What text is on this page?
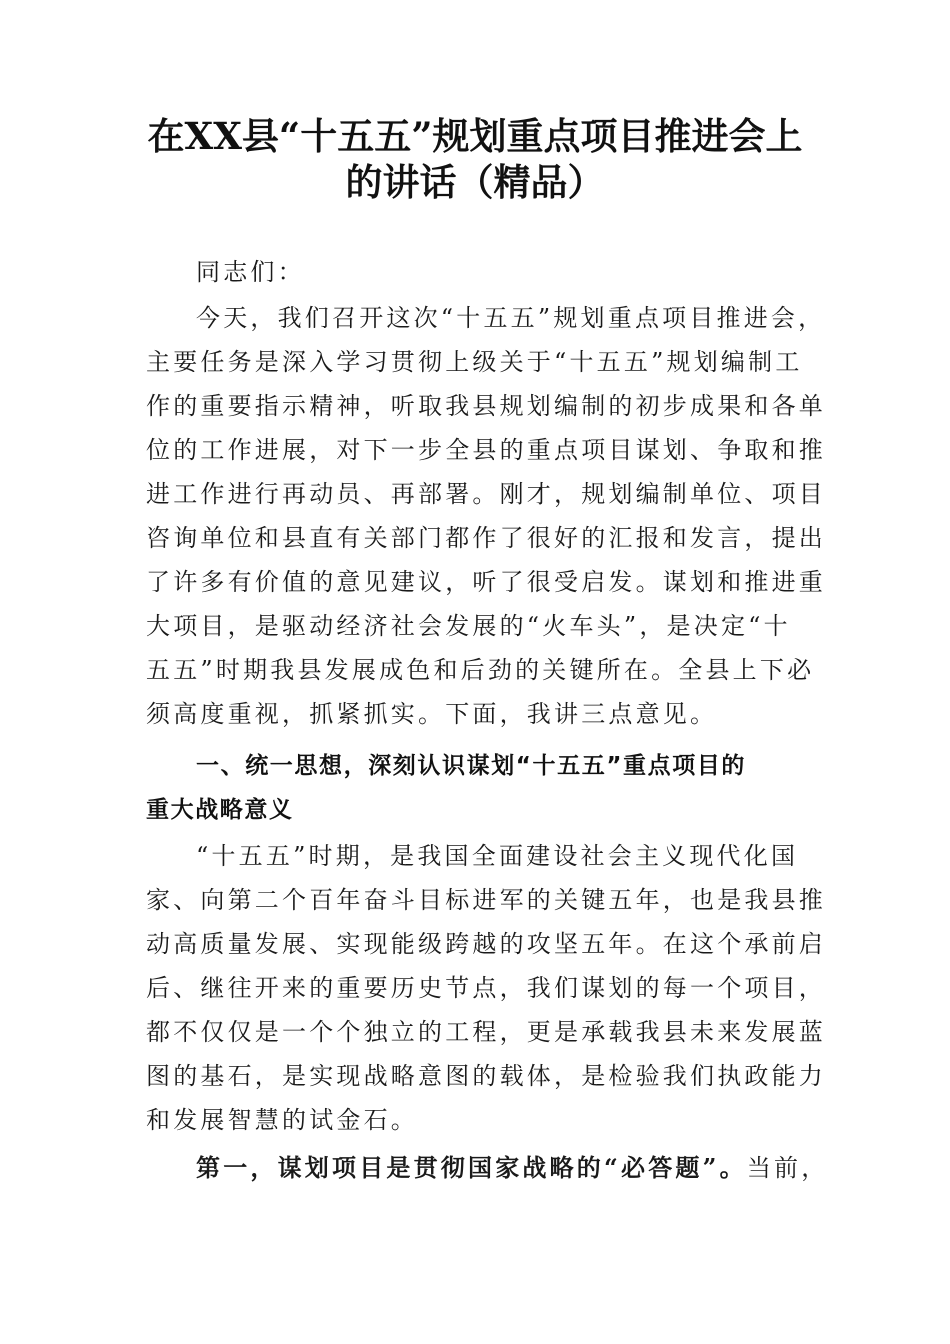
在XX县“十五五”规划重点项目推进会上
的讲话（精品）
同志们：
今天，我们召开这次“十五五”规划重点项目推进会，
主要任务是深入学习贯彻上级关于“十五五”规划编制工
作的重要指示精神，听取我县规划编制的初步成果和各单
位的工作进展，对下一步全县的重点项目谋划、争取和推
进工作进行再动员、再部署。刚才，规划编制单位、项目
咨询单位和县直有关部门都作了很好的汇报和发言，提出
了许多有价值的意见建议，听了很受启发。谋划和推进重
大项目，是驱动经济社会发展的“火车头”，是决定“十
五五”时期我县发展成色和后劲的关键所在。全县上下必
须高度重视，抓紧抓实。下面，我讲三点意见。
一、统一思想，深刻认识谋划“十五五”重点项目的
重大战略意义
“十五五”时期，是我国全面建设社会主义现代化国
家、向第二个百年奋斗目标进军的关键五年，也是我县推
动高质量发展、实现能级跨越的攻坚五年。在这个承前启
后、继往开来的重要历史节点，我们谋划的每一个项目，
都不仅仅是一个个独立的工程，更是承载我县未来发展蓝
图的基石，是实现战略意图的载体，是检验我们执政能力
和发展智慧的试金石。
第一，谋划项目是贯彻国家战略的“必答题”。当前，
